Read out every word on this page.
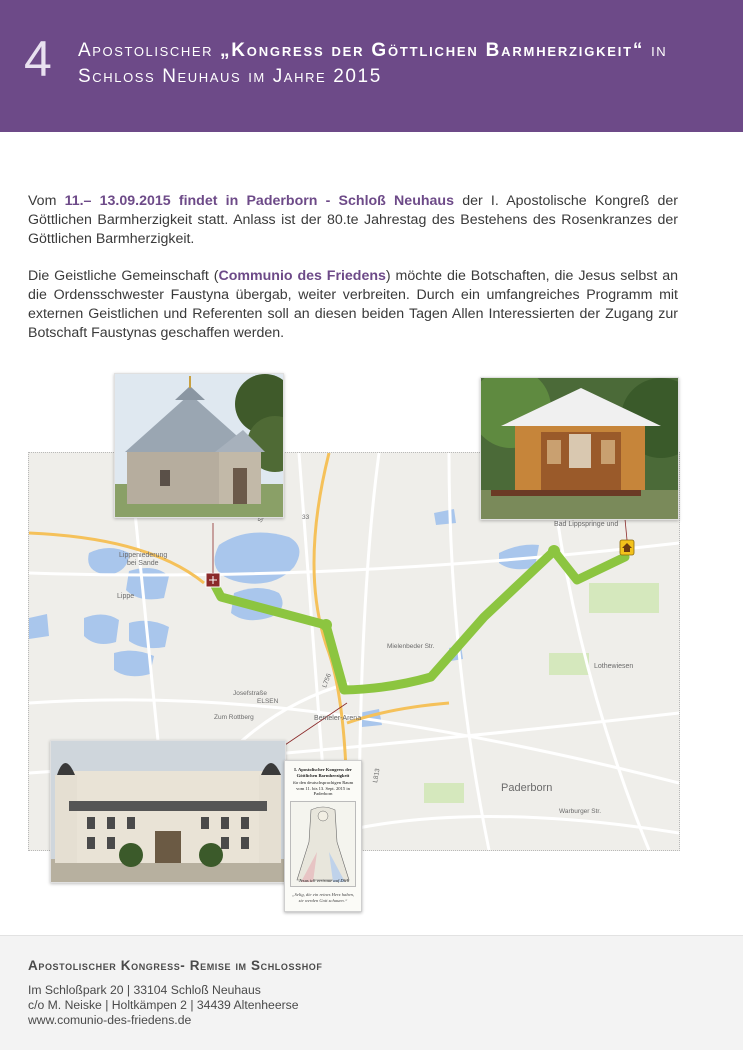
4 Apostolischer „Kongress der Göttlichen Barmherzigkeit“ in Schloss Neuhaus im Jahre 2015

Vom 11.– 13.09.2015 findet in Paderborn - Schloß Neuhaus der I. Apostolische Kongreß der Göttlichen Barmherzigkeit statt. Anlass ist der 80.te Jahrestag des Bestehens des Rosenkranzes der Göttlichen Barmherzigkeit.

Die Geistliche Gemeinschaft (Communio des Friedens) möchte die Botschaften, die Jesus selbst an die Ordensschwester Faustyna übergab, weiter verbreiten. Durch ein umfangreiches Programm mit externen Geistlichen und Referenten soll an diesen beiden Tagen Allen Interessierten der Zugang zur Botschaft Faustynas geschaffen werden.

Lippeniederung
bei Sande
Lippe
Paderborn
Lothewiesen
Bad Lippspringe und
Benteler-Arena
ELSEN
Josefstraße
Zum Rottberg
Mielenbeder Str.
Warburger Str.
33
L756
L813
I. Apostolischer Kongress der Göttlichen Barmherzigkeit
für den deutschsprachigen Raum vom 11. bis 13. Sept. 2015 in Paderborn
Jesus ich vertraue auf Dich
„Selig, die ein reines Herz haben, sie werden Gott schauen.“
Apostolischer Kongress- Remise im Schlosshof
Im Schloßpark 20 | 33104 Schloß Neuhaus
c/o M. Neiske | Holtkämpen 2 | 34439 Altenheerse
www.comunio-des-friedens.de
